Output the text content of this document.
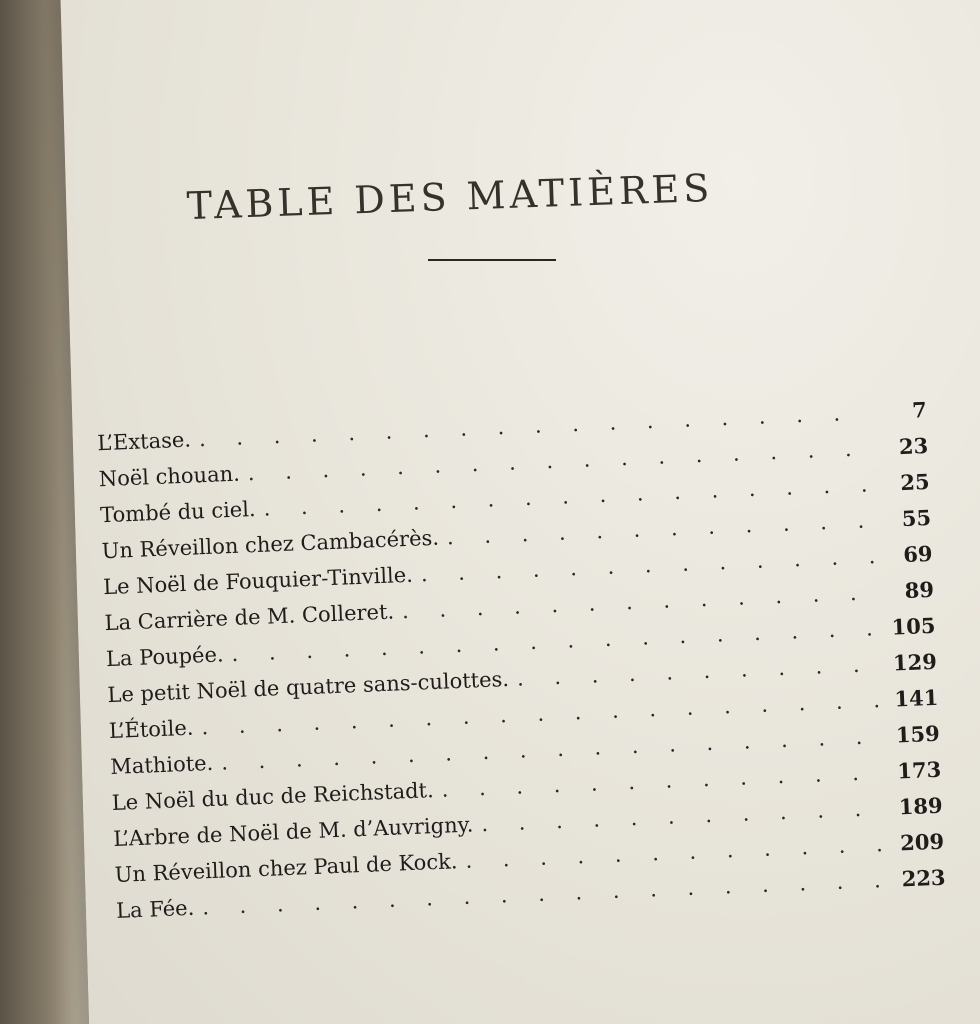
TABLE DES MATIÈRES
L’Extase.
. . .
7
Noël chouan.
. . .
23
Tombé du ciel.
. . .
25
Un Réveillon chez Cambacérès.
. . .
55
Le Noël de Fouquier-Tinville.
. . .
69
La Carrière de M. Colleret.
. . .
89
La Poupée.
. . .
105
Le petit Noël de quatre sans-culottes.
. . .
129
L’Étoile.
. . .
141
Mathiote.
. . .
159
Le Noël du duc de Reichstadt.
. . .
173
L’Arbre de Noël de M. d’Auvrigny.
. . .
189
Un Réveillon chez Paul de Kock.
. . .
209
La Fée.
. . .
223
